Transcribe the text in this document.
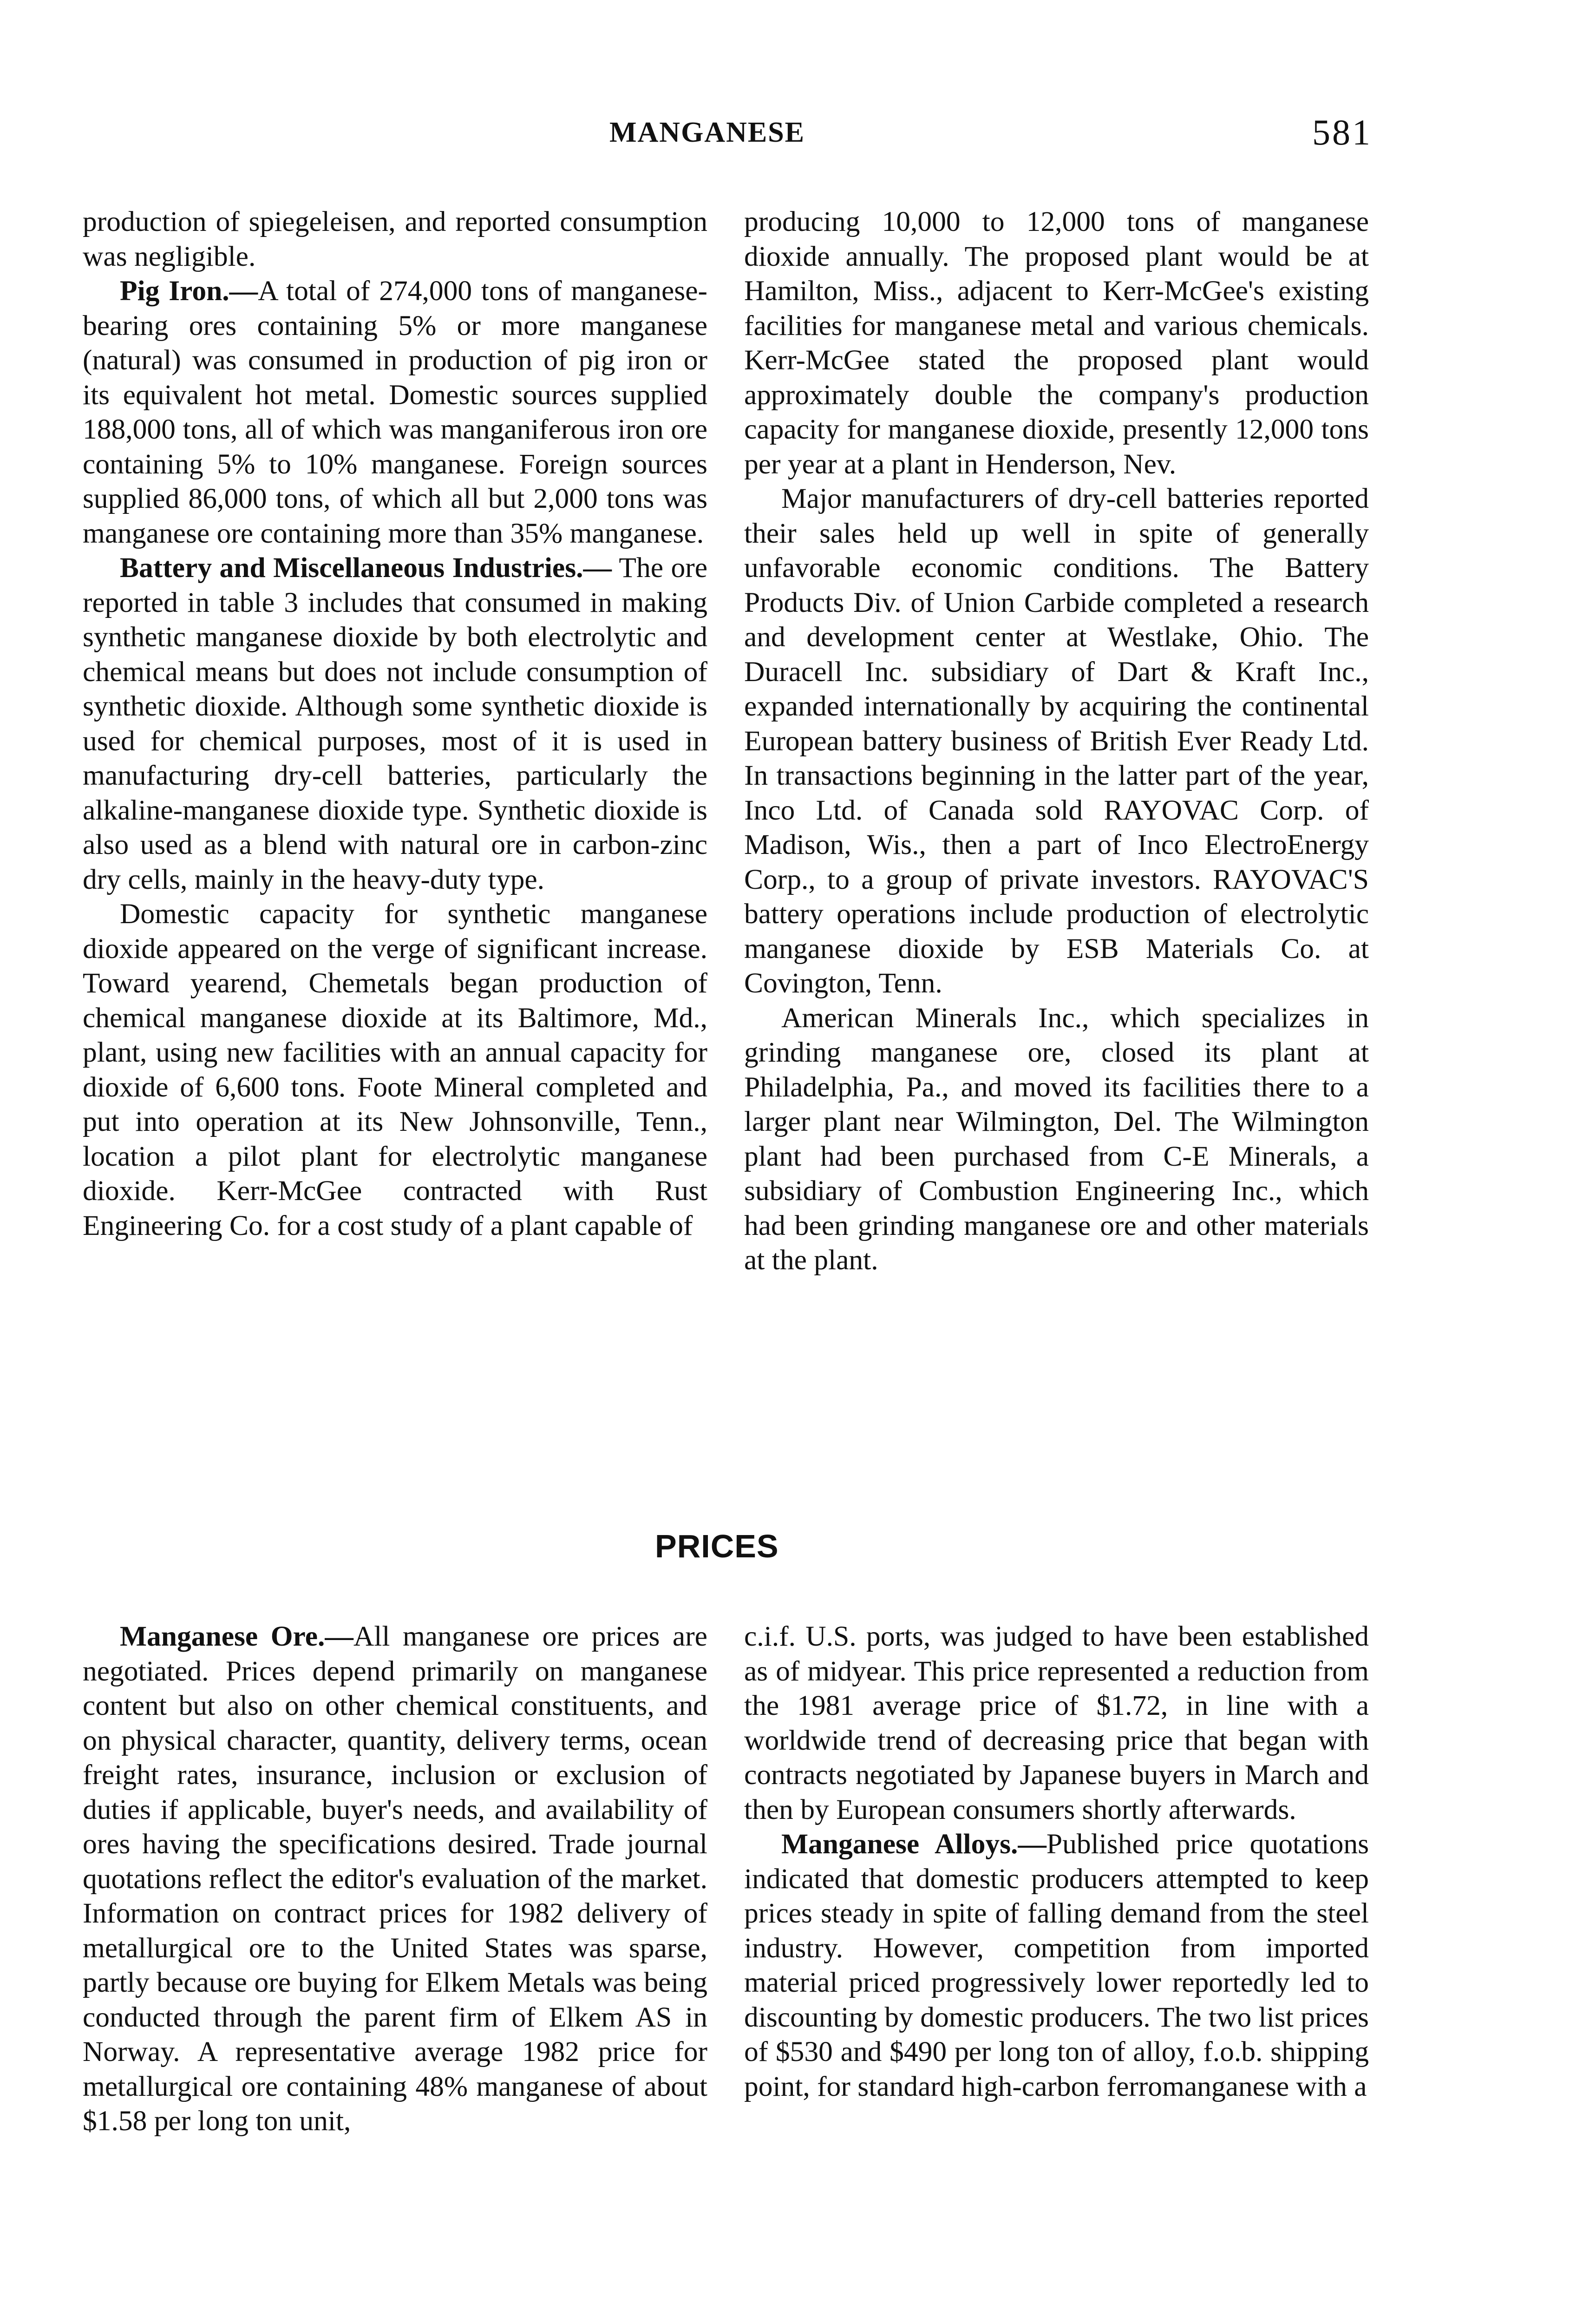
MANGANESE	581

production of spiegeleisen, and reported consumption was negligible.

Pig Iron.—A total of 274,000 tons of manganese-bearing ores containing 5% or more manganese (natural) was consumed in production of pig iron or its equivalent hot metal. Domestic sources supplied 188,000 tons, all of which was manganiferous iron ore containing 5% to 10% manganese. Foreign sources supplied 86,000 tons, of which all but 2,000 tons was manganese ore containing more than 35% manganese.

Battery and Miscellaneous Industries.— The ore reported in table 3 includes that consumed in making synthetic manganese dioxide by both electrolytic and chemical means but does not include consumption of synthetic dioxide. Although some synthetic dioxide is used for chemical purposes, most of it is used in manufacturing dry-cell batteries, particularly the alkaline-manganese dioxide type. Synthetic dioxide is also used as a blend with natural ore in carbon-zinc dry cells, mainly in the heavy-duty type.

Domestic capacity for synthetic manganese dioxide appeared on the verge of significant increase. Toward yearend, Chemetals began production of chemical manganese dioxide at its Baltimore, Md., plant, using new facilities with an annual capacity for dioxide of 6,600 tons. Foote Mineral completed and put into operation at its New Johnsonville, Tenn., location a pilot plant for electrolytic manganese dioxide. Kerr-McGee contracted with Rust Engineering Co. for a cost study of a plant capable of

producing 10,000 to 12,000 tons of manganese dioxide annually. The proposed plant would be at Hamilton, Miss., adjacent to Kerr-McGee's existing facilities for manganese metal and various chemicals. Kerr-McGee stated the proposed plant would approximately double the company's production capacity for manganese dioxide, presently 12,000 tons per year at a plant in Henderson, Nev.

Major manufacturers of dry-cell batteries reported their sales held up well in spite of generally unfavorable economic conditions. The Battery Products Div. of Union Carbide completed a research and development center at Westlake, Ohio. The Duracell Inc. subsidiary of Dart & Kraft Inc., expanded internationally by acquiring the continental European battery business of British Ever Ready Ltd. In transactions beginning in the latter part of the year, Inco Ltd. of Canada sold RAYOVAC Corp. of Madison, Wis., then a part of Inco ElectroEnergy Corp., to a group of private investors. RAYOVAC'S battery operations include production of electrolytic manganese dioxide by ESB Materials Co. at Covington, Tenn.

American Minerals Inc., which specializes in grinding manganese ore, closed its plant at Philadelphia, Pa., and moved its facilities there to a larger plant near Wilmington, Del. The Wilmington plant had been purchased from C-E Minerals, a subsidiary of Combustion Engineering Inc., which had been grinding manganese ore and other materials at the plant.

PRICES

Manganese Ore.—All manganese ore prices are negotiated. Prices depend primarily on manganese content but also on other chemical constituents, and on physical character, quantity, delivery terms, ocean freight rates, insurance, inclusion or exclusion of duties if applicable, buyer's needs, and availability of ores having the specifications desired. Trade journal quotations reflect the editor's evaluation of the market. Information on contract prices for 1982 delivery of metallurgical ore to the United States was sparse, partly because ore buying for Elkem Metals was being conducted through the parent firm of Elkem AS in Norway. A representative average 1982 price for metallurgical ore containing 48% manganese of about $1.58 per long ton unit,

c.i.f. U.S. ports, was judged to have been established as of midyear. This price represented a reduction from the 1981 average price of $1.72, in line with a worldwide trend of decreasing price that began with contracts negotiated by Japanese buyers in March and then by European consumers shortly afterwards.

Manganese Alloys.—Published price quotations indicated that domestic producers attempted to keep prices steady in spite of falling demand from the steel industry. However, competition from imported material priced progressively lower reportedly led to discounting by domestic producers. The two list prices of $530 and $490 per long ton of alloy, f.o.b. shipping point, for standard high-carbon ferromanganese with a
